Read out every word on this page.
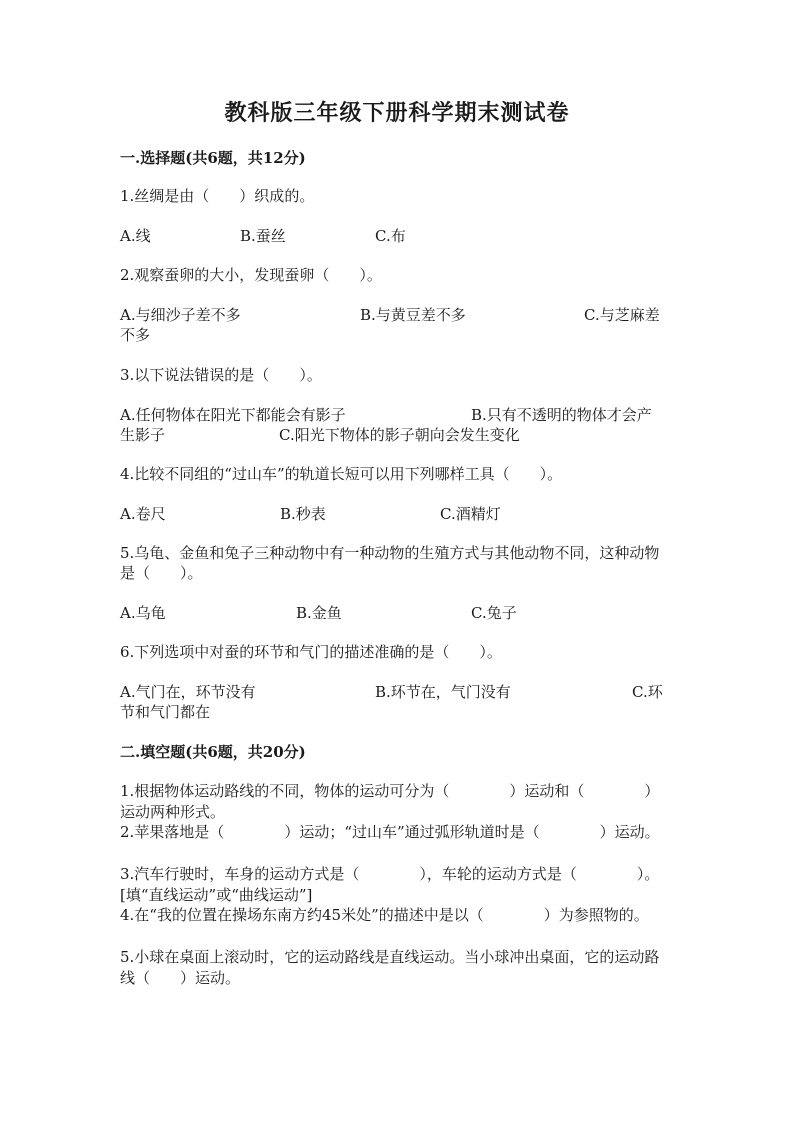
教科版三年级下册科学期末测试卷
一.选择题(共6题，共12分)
1.丝绸是由（　　）织成的。
A.线	B.蚕丝	C.布
2.观察蚕卵的大小，发现蚕卵（　　）。
A.与细沙子差不多	B.与黄豆差不多	C.与芝麻差
不多
3.以下说法错误的是（　　）。
A.任何物体在阳光下都能会有影子	B.只有不透明的物体才会产
生影子	C.阳光下物体的影子朝向会发生变化
4.比较不同组的“过山车”的轨道长短可以用下列哪样工具（　　）。
A.卷尺	B.秒表	C.酒精灯
5.乌龟、金鱼和兔子三种动物中有一种动物的生殖方式与其他动物不同，这种动物是（　　）。
A.乌龟	B.金鱼	C.兔子
6.下列选项中对蚕的环节和气门的描述准确的是（　　）。
A.气门在，环节没有	B.环节在，气门没有	C.环
节和气门都在
二.填空题(共6题，共20分)
1.根据物体运动路线的不同，物体的运动可分为（　　　　）运动和（　　　　）运动两种形式。
2.苹果落地是（　　　　）运动；“过山车”通过弧形轨道时是（　　　　）运动。
3.汽车行驶时，车身的运动方式是（　　　　），车轮的运动方式是（　　　　）。[填“直线运动”或“曲线运动”]
4.在“我的位置在操场东南方约45米处”的描述中是以（　　　　）为参照物的。
5.小球在桌面上滚动时，它的运动路线是直线运动。当小球冲出桌面，它的运动路线（　　）运动。
